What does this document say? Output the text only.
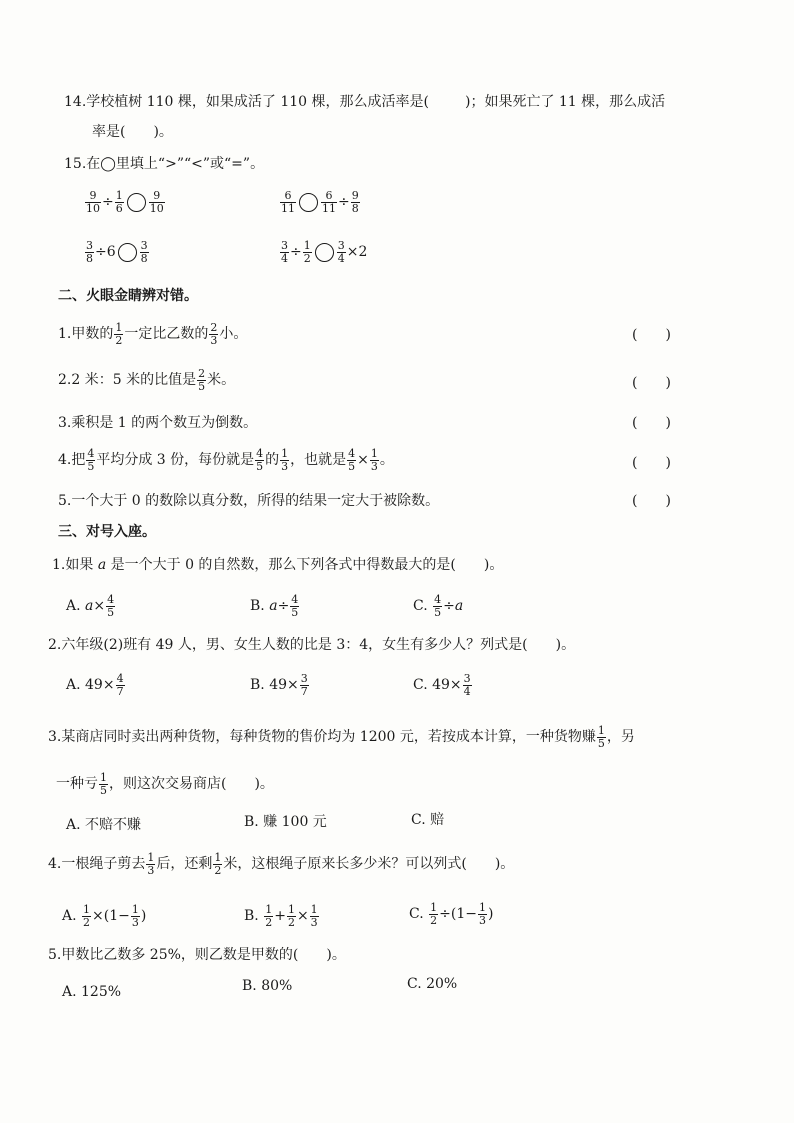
14.学校植树 110 棵，如果成活了 110 棵，那么成活率是(	)；如果死亡了 11 棵，那么成活
率是(　　)。
15.在◯里填上“>”“<”或“=”。
$\frac{9}{10} \div \frac{1}{6} \frac{9}{10}$	$\frac{6}{11} \frac{6}{11} \div \frac{9}{8}$
$\frac{3}{8} \div 6 \frac{3}{8}$	$\frac{3}{4} \div \frac{1}{2} \frac{3}{4} \times 2$
二、火眼金睛辨对错。
1.甲数的 $\frac{1}{2}$ 一定比乙数的 $\frac{2}{3}$ 小。	(　　)
2.2 米：5 米的比值是 $\frac{2}{5}$ 米。	(　　)
3.乘积是 1 的两个数互为倒数。	(　　)
4.把 $\frac{4}{5}$ 平均分成 3 份，每份就是 $\frac{4}{5}$ 的 $\frac{1}{3}$ ，也就是 $\frac{4}{5} \times \frac{1}{3}$ 。	(　　)
5.一个大于 0 的数除以真分数，所得的结果一定大于被除数。	(　　)
三、对号入座。
1.如果 a 是一个大于 0 的自然数，那么下列各式中得数最大的是(　　)。
A. $a\times \frac{4}{5}$	B. $a\div \frac{4}{5}$	C. $\frac{4}{5} \div a$
2.六年级(2)班有 49 人，男、女生人数的比是 3：4，女生有多少人？列式是(　　)。
A. $49\times \frac{4}{7}$	B. $49\times \frac{3}{7}$	C. $49\times \frac{3}{4}$
3.某商店同时卖出两种货物，每种货物的售价均为 1200 元，若按成本计算，一种货物赚 $\frac{1}{5}$ ，另
一种亏 $\frac{1}{5}$ ，则这次交易商店(　　)。
A. 不赔不赚	B. 赚 100 元	C. 赔
4.一根绳子剪去 $\frac{1}{3}$ 后，还剩 $\frac{1}{2}$ 米，这根绳子原来长多少米？可以列式(　　)。
A. $\frac{1}{2} \times(1- \frac{1}{3}$ )	B. $\frac{1}{2} + \frac{1}{2} \times \frac{1}{3}$	C. $\frac{1}{2} \div(1- \frac{1}{3}$ )
5.甲数比乙数多 25%，则乙数是甲数的(　　)。
A. 125%	B. 80%	C. 20%
